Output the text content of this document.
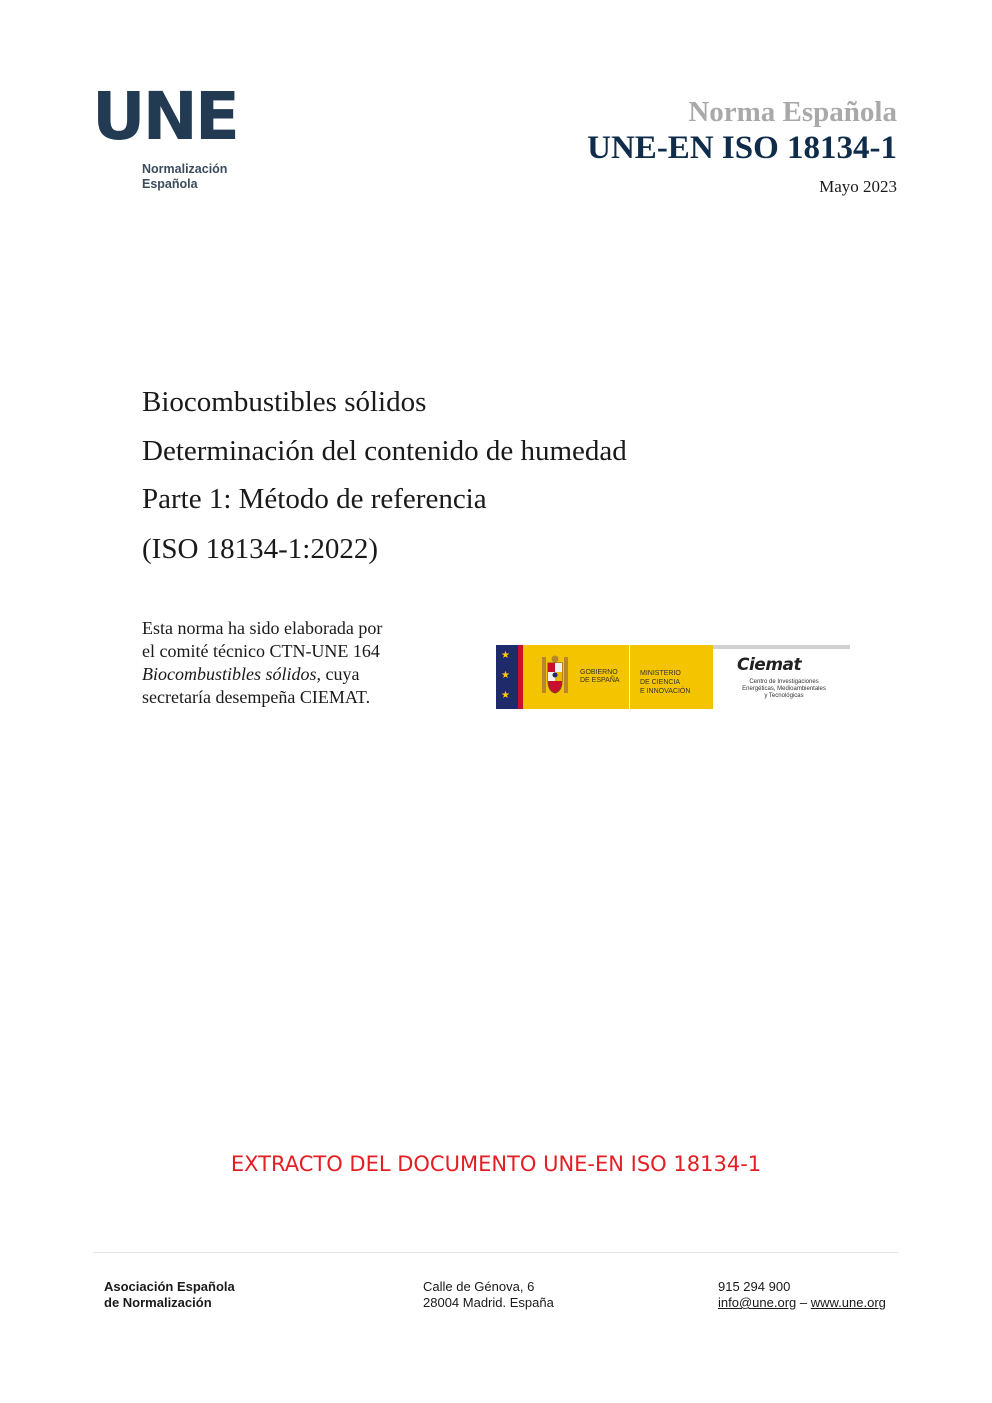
UNE
Normalización
Española
Norma Española
UNE-EN ISO 18134-1
Mayo 2023
Biocombustibles sólidos
Determinación del contenido de humedad
Parte 1: Método de referencia
(ISO 18134-1:2022)
Esta norma ha sido elaborada por
el comité técnico CTN-UNE 164
Biocombustibles sólidos, cuya
secretaría desempeña CIEMAT.
★
★
★
GOBIERNO
DE ESPAÑA
MINISTERIO
DE CIENCIA
E INNOVACIÓN
Ciemat
Centro de Investigaciones
Energéticas, Medioambientales
y Tecnológicas
EXTRACTO DEL DOCUMENTO UNE-EN ISO 18134-1
Asociación Española
de Normalización
Calle de Génova, 6
28004 Madrid. España
915 294 900
info@une.org – www.une.org
